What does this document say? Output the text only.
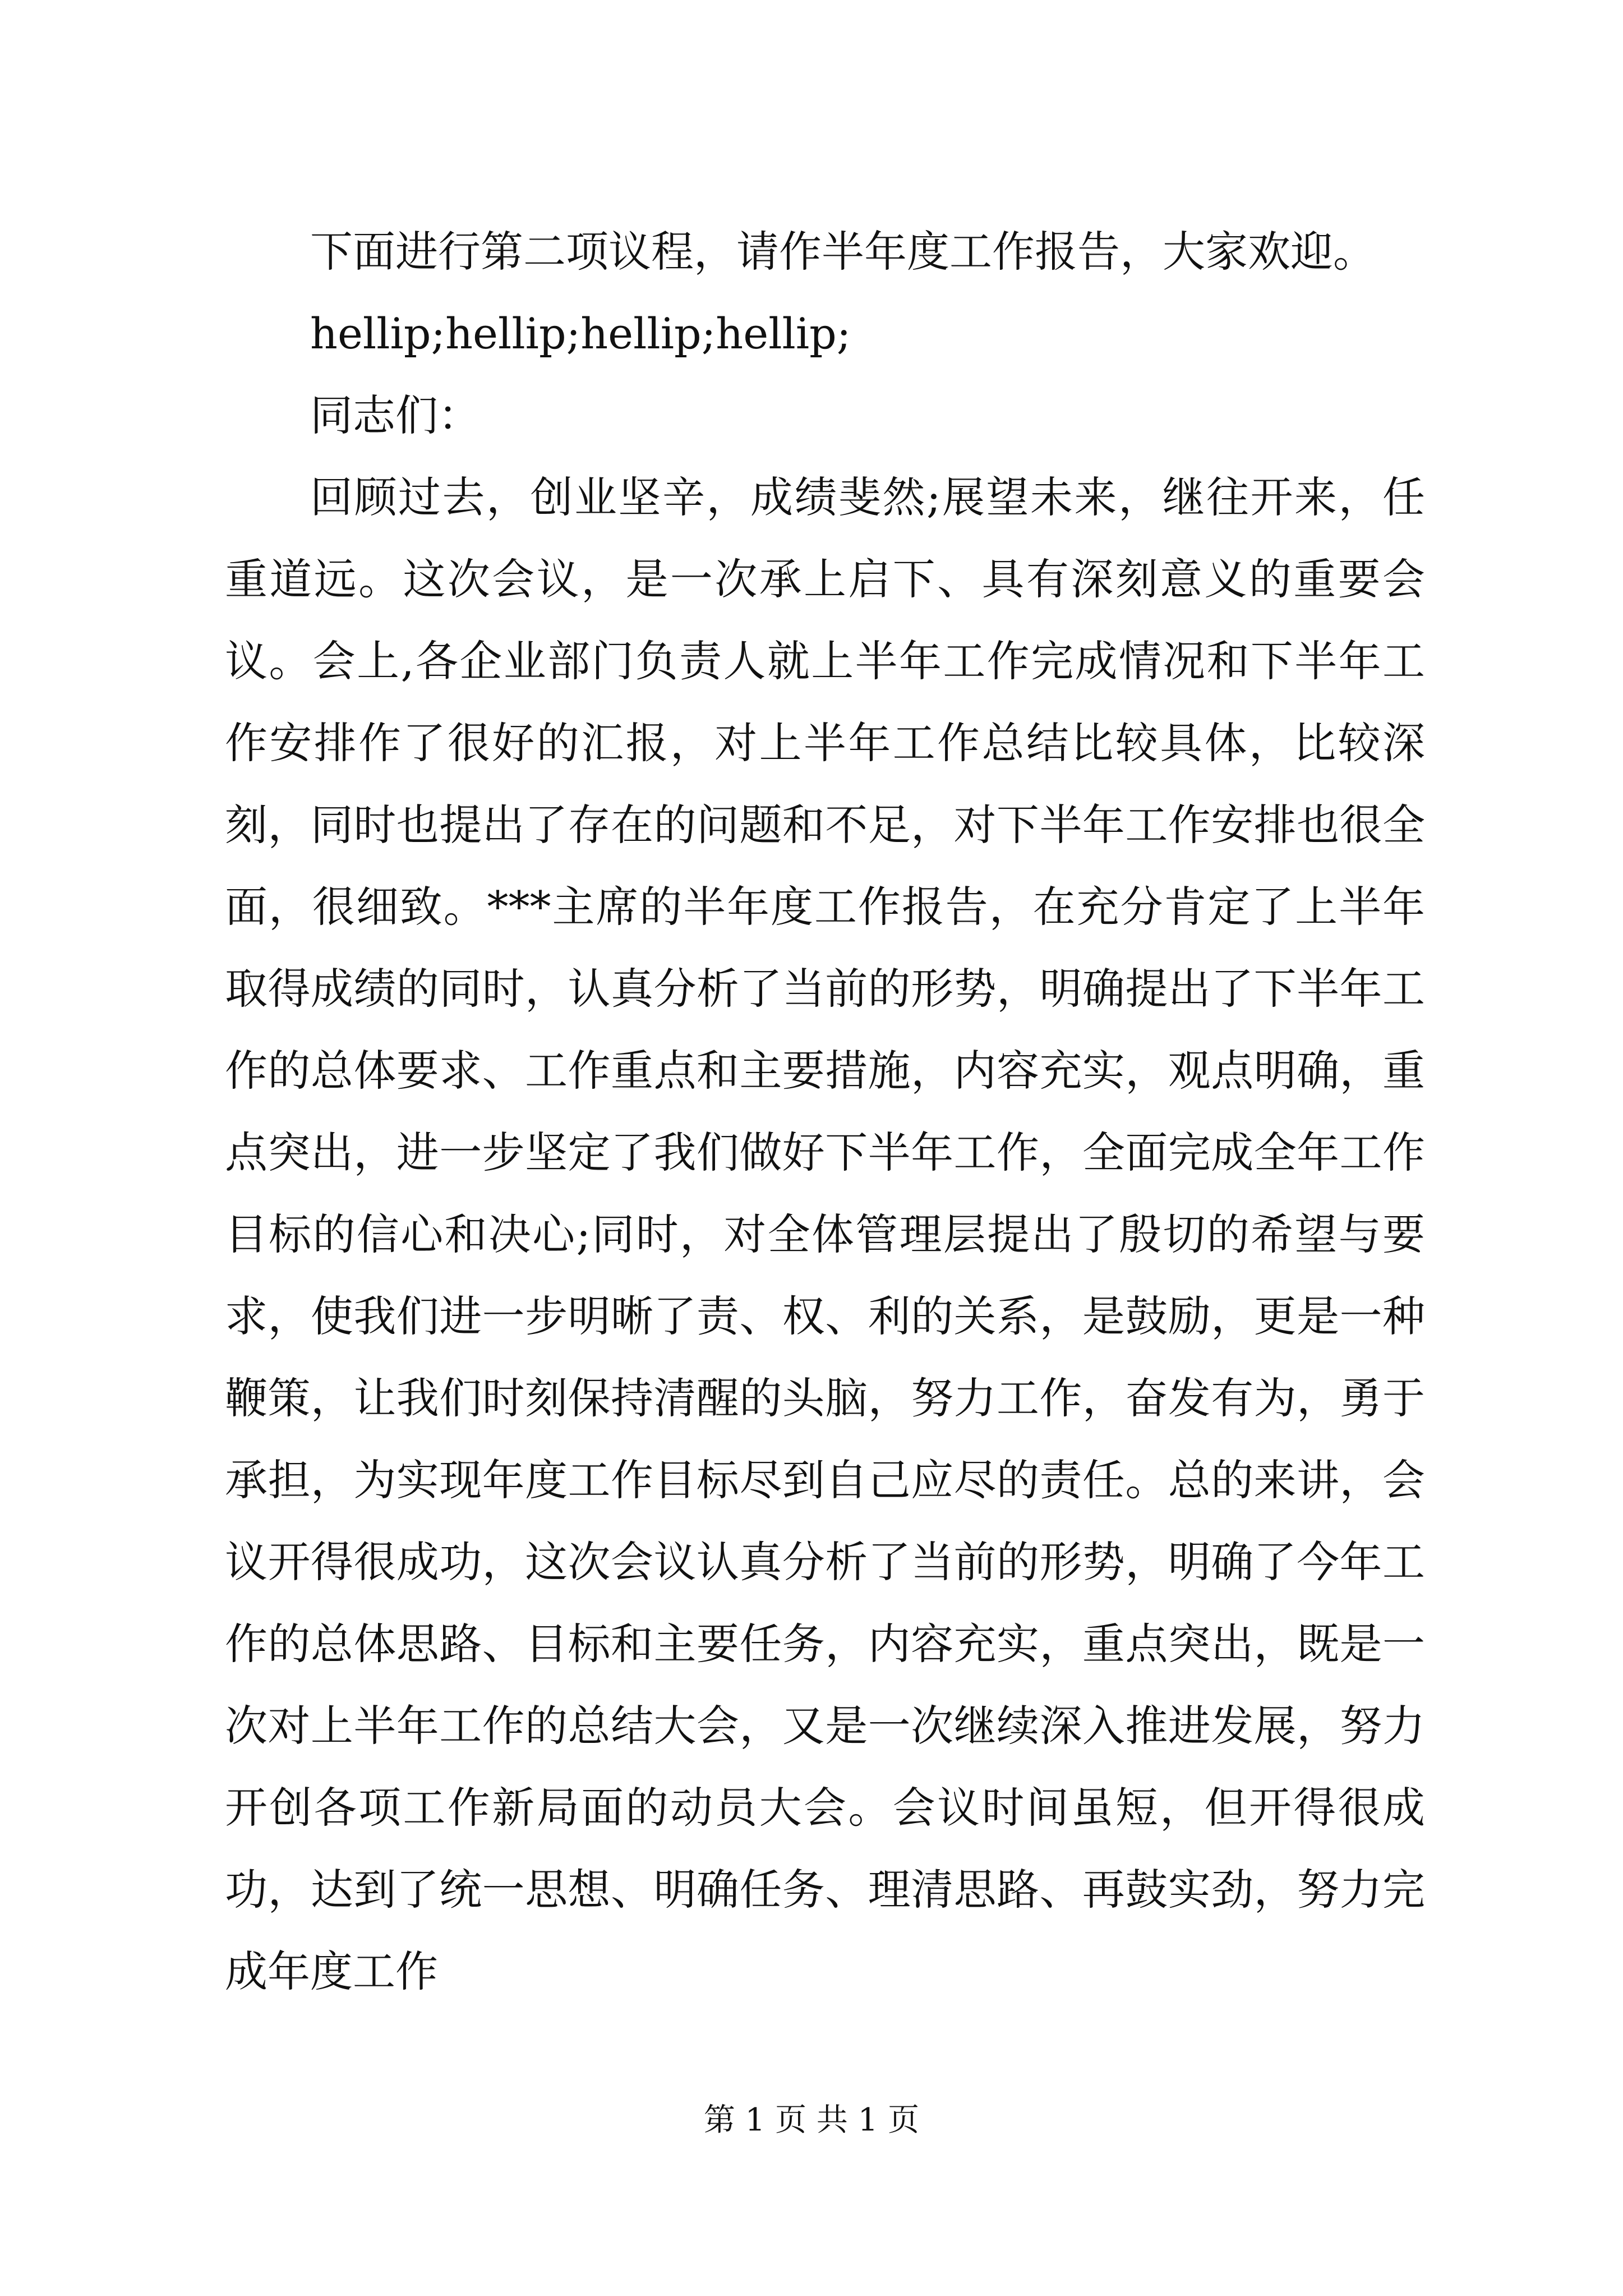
下面进行第二项议程，请作半年度工作报告，大家欢迎。

hellip;hellip;hellip;hellip;

同志们：

回顾过去，创业坚辛，成绩斐然;展望未来，继往开来，任重道远。这次会议，是一次承上启下、具有深刻意义的重要会议。会上,各企业部门负责人就上半年工作完成情况和下半年工作安排作了很好的汇报，对上半年工作总结比较具体，比较深刻，同时也提出了存在的问题和不足，对下半年工作安排也很全面，很细致。***主席的半年度工作报告，在充分肯定了上半年取得成绩的同时，认真分析了当前的形势，明确提出了下半年工作的总体要求、工作重点和主要措施，内容充实，观点明确，重点突出，进一步坚定了我们做好下半年工作，全面完成全年工作目标的信心和决心;同时，对全体管理层提出了殷切的希望与要求，使我们进一步明晰了责、权、利的关系，是鼓励，更是一种鞭策，让我们时刻保持清醒的头脑，努力工作，奋发有为，勇于承担，为实现年度工作目标尽到自己应尽的责任。总的来讲，会议开得很成功，这次会议认真分析了当前的形势，明确了今年工作的总体思路、目标和主要任务，内容充实，重点突出，既是一次对上半年工作的总结大会，又是一次继续深入推进发展，努力开创各项工作新局面的动员大会。会议时间虽短，但开得很成功，达到了统一思想、明确任务、理清思路、再鼓实劲，努力完成年度工作

第 1 页 共 1 页
